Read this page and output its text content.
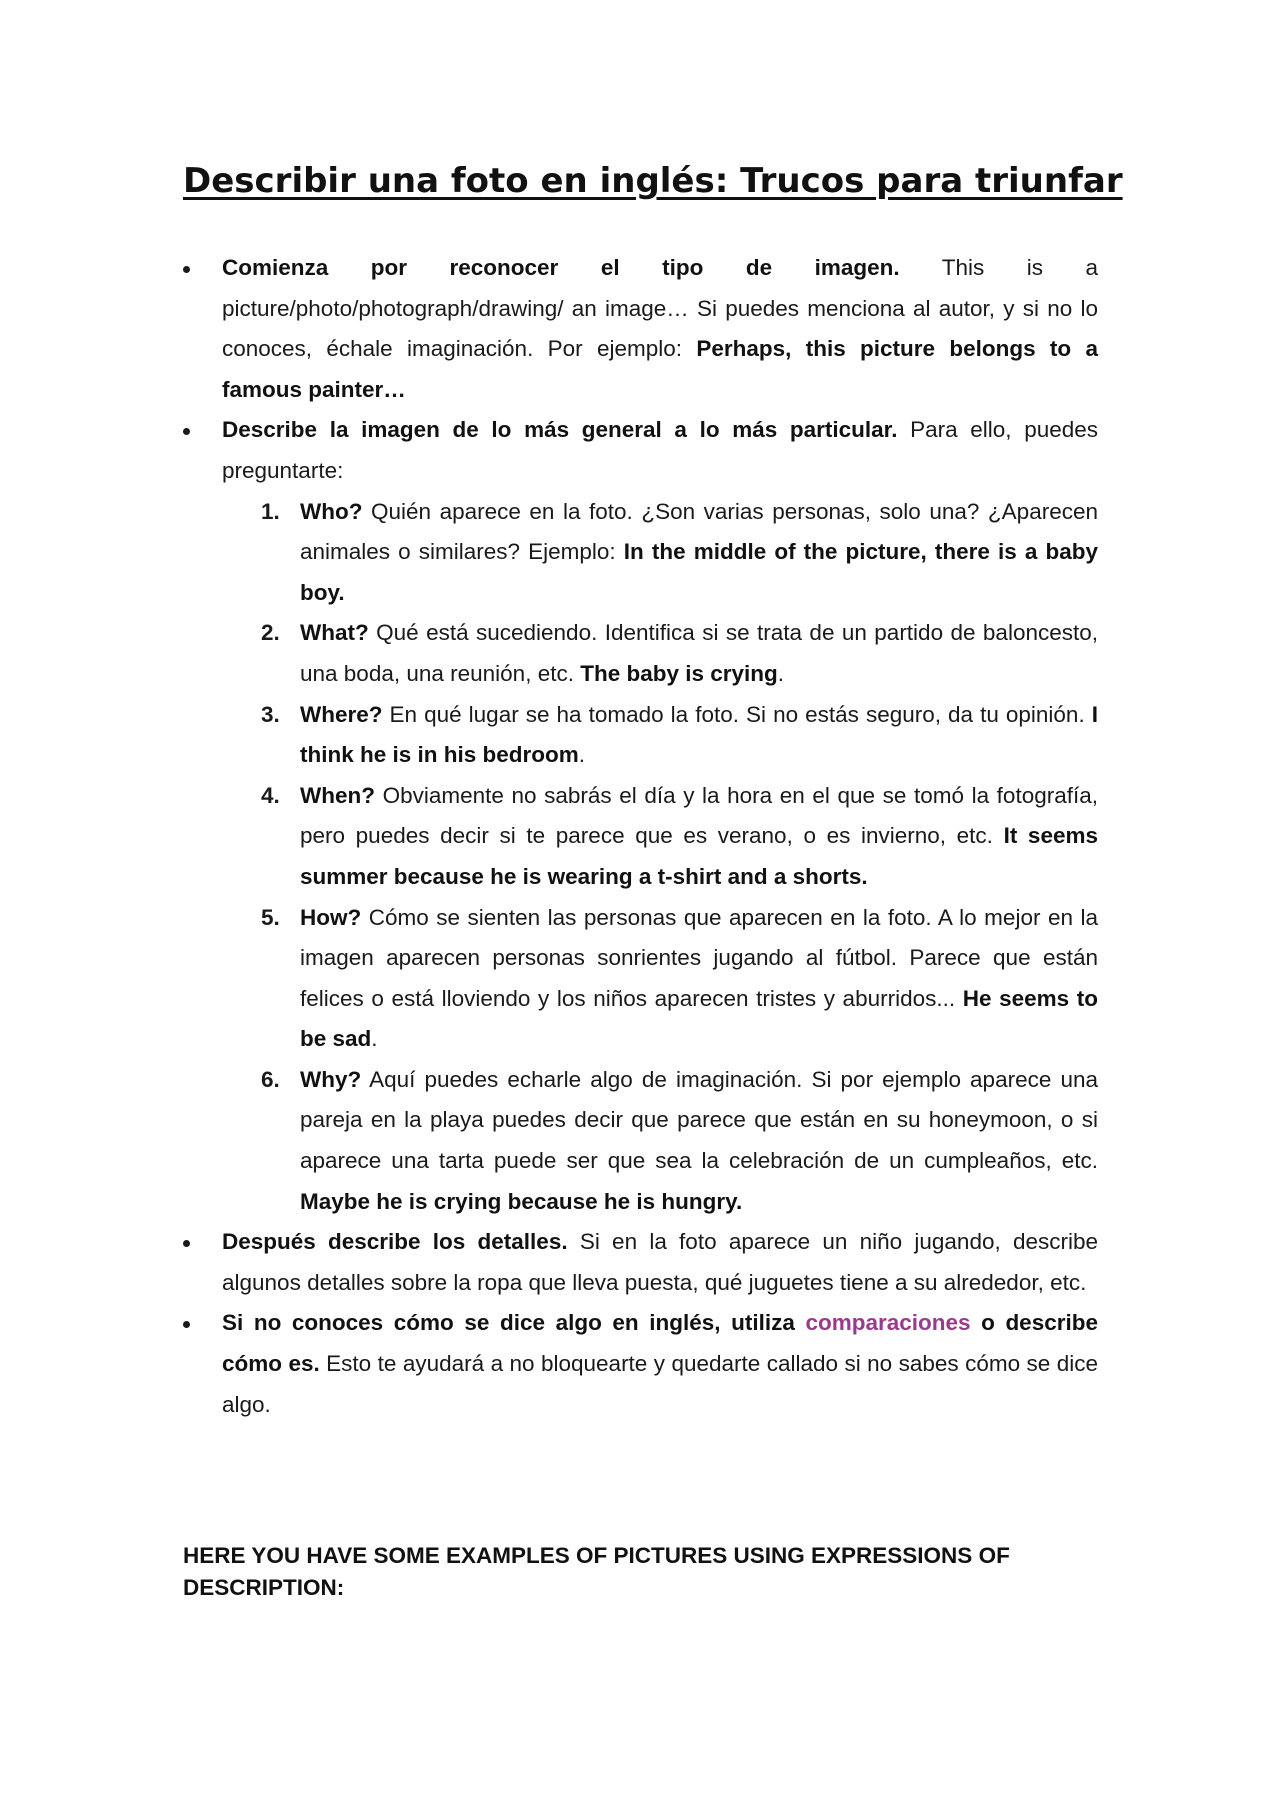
Describir una foto en inglés: Trucos para triunfar
Comienza por reconocer el tipo de imagen. This is a picture/photo/photograph/drawing/ an image… Si puedes menciona al autor, y si no lo conoces, échale imaginación. Por ejemplo: Perhaps, this picture belongs to a famous painter…
Describe la imagen de lo más general a lo más particular. Para ello, puedes preguntarte:
1. Who? Quién aparece en la foto. ¿Son varias personas, solo una? ¿Aparecen animales o similares? Ejemplo: In the middle of the picture, there is a baby boy.
2. What? Qué está sucediendo. Identifica si se trata de un partido de baloncesto, una boda, una reunión, etc. The baby is crying.
3. Where? En qué lugar se ha tomado la foto. Si no estás seguro, da tu opinión. I think he is in his bedroom.
4. When? Obviamente no sabrás el día y la hora en el que se tomó la fotografía, pero puedes decir si te parece que es verano, o es invierno, etc. It seems summer because he is wearing a t-shirt and a shorts.
5. How? Cómo se sienten las personas que aparecen en la foto. A lo mejor en la imagen aparecen personas sonrientes jugando al fútbol. Parece que están felices o está lloviendo y los niños aparecen tristes y aburridos... He seems to be sad.
6. Why? Aquí puedes echarle algo de imaginación. Si por ejemplo aparece una pareja en la playa puedes decir que parece que están en su honeymoon, o si aparece una tarta puede ser que sea la celebración de un cumpleaños, etc. Maybe he is crying because he is hungry.
Después describe los detalles. Si en la foto aparece un niño jugando, describe algunos detalles sobre la ropa que lleva puesta, qué juguetes tiene a su alrededor, etc.
Si no conoces cómo se dice algo en inglés, utiliza comparaciones o describe cómo es. Esto te ayudará a no bloquearte y quedarte callado si no sabes cómo se dice algo.

HERE YOU HAVE SOME EXAMPLES OF PICTURES USING EXPRESSIONS OF DESCRIPTION:
